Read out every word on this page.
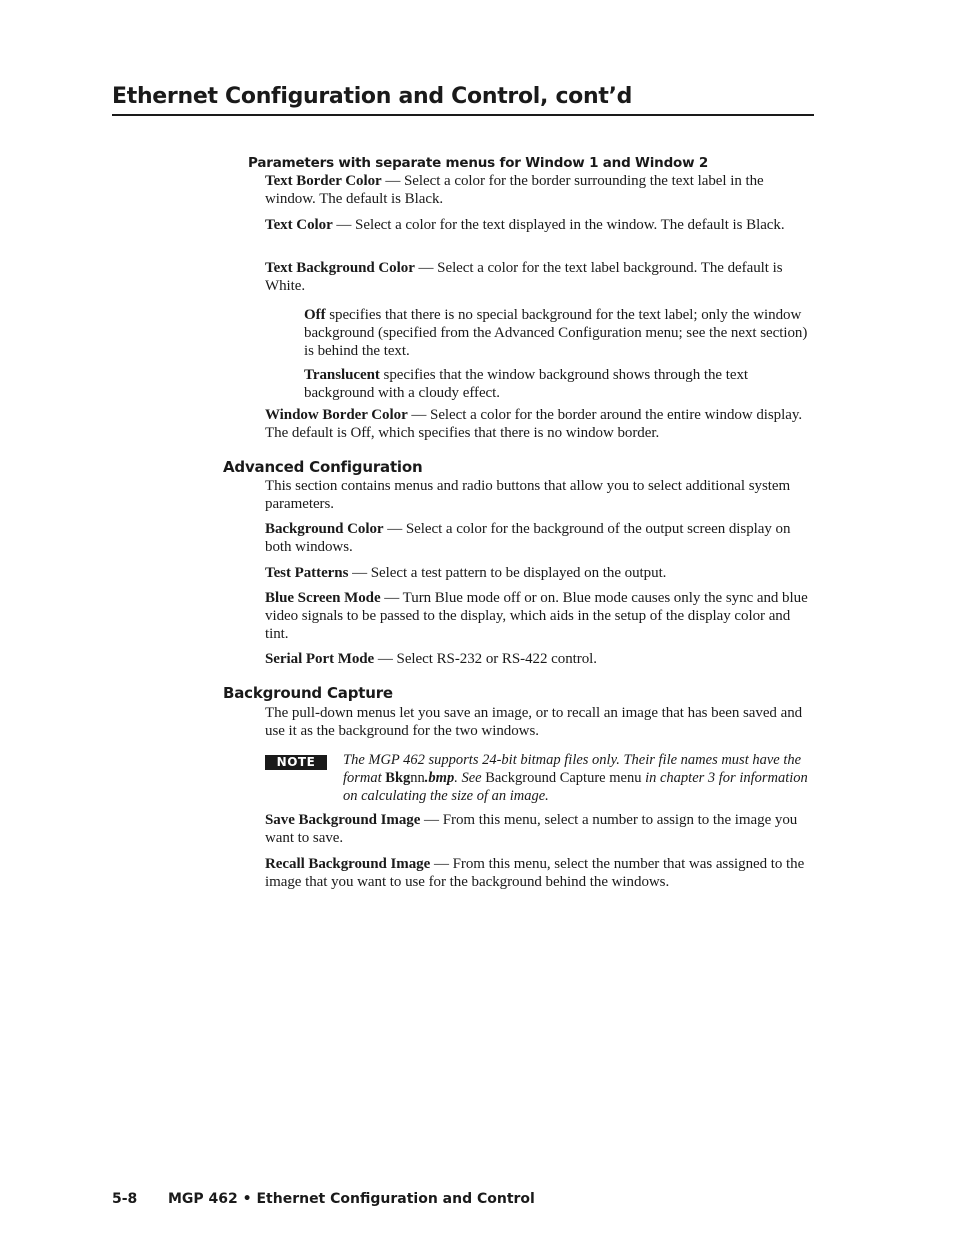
Ethernet Configuration and Control, cont’d
Parameters with separate menus for Window 1 and Window 2

Text Border Color — Select a color for the border surrounding the text label in the window. The default is Black.

Text Color — Select a color for the text displayed in the window. The default is Black.

Text Background Color — Select a color for the text label background. The default is White.

Off specifies that there is no special background for the text label; only the window background (specified from the Advanced Configuration menu; see the next section) is behind the text.

Translucent specifies that the window background shows through the text background with a cloudy effect.

Window Border Color — Select a color for the border around the entire window display. The default is Off, which specifies that there is no window border.

Advanced Configuration

This section contains menus and radio buttons that allow you to select additional system parameters.

Background Color — Select a color for the background of the output screen display on both windows.

Test Patterns — Select a test pattern to be displayed on the output.

Blue Screen Mode — Turn Blue mode off or on. Blue mode causes only the sync and blue video signals to be passed to the display, which aids in the setup of the display color and tint.

Serial Port Mode — Select RS-232 or RS-422 control.

Background Capture

The pull-down menus let you save an image, or to recall an image that has been saved and use it as the background for the two windows.

NOTE	The MGP 462 supports 24-bit bitmap files only. Their file names must have the format Bkgnn.bmp. See Background Capture menu in chapter 3 for information on calculating the size of an image.

Save Background Image — From this menu, select a number to assign to the image you want to save.

Recall Background Image — From this menu, select the number that was assigned to the image that you want to use for the background behind the windows.

5-8 MGP 462 • Ethernet Configuration and Control
